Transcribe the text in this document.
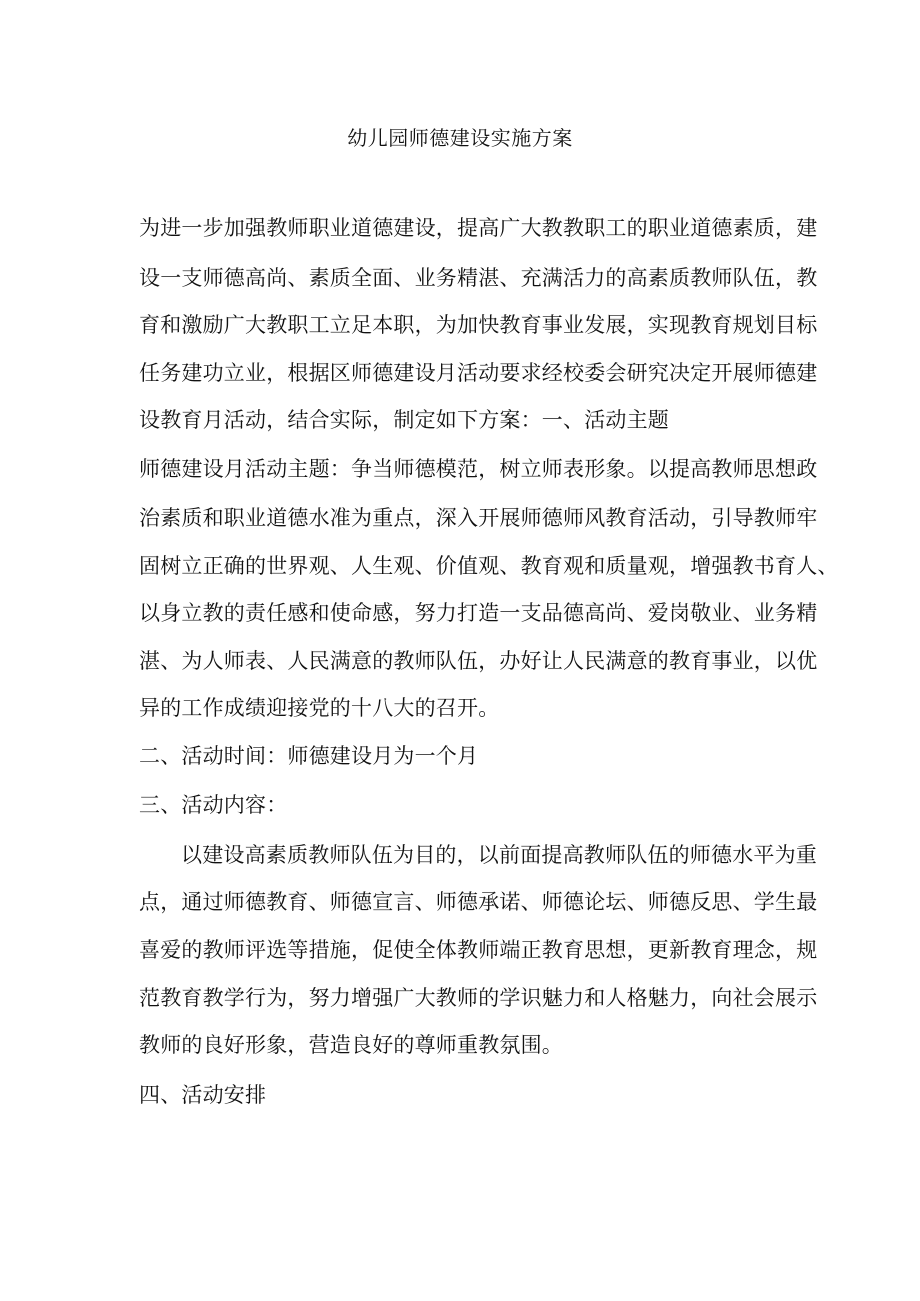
幼儿园师德建设实施方案
为进一步加强教师职业道德建设，提高广大教教职工的职业道德素质，建
设一支师德高尚、素质全面、业务精湛、充满活力的高素质教师队伍，教
育和激励广大教职工立足本职，为加快教育事业发展，实现教育规划目标
任务建功立业，根据区师德建设月活动要求经校委会研究决定开展师德建
设教育月活动，结合实际，制定如下方案：一、活动主题
师德建设月活动主题：争当师德模范，树立师表形象。以提高教师思想政
治素质和职业道德水准为重点，深入开展师德师风教育活动，引导教师牢
固树立正确的世界观、人生观、价值观、教育观和质量观，增强教书育人、
以身立教的责任感和使命感，努力打造一支品德高尚、爱岗敬业、业务精
湛、为人师表、人民满意的教师队伍，办好让人民满意的教育事业，以优
异的工作成绩迎接党的十八大的召开。
二、活动时间：师德建设月为一个月
三、活动内容：
以建设高素质教师队伍为目的，以前面提高教师队伍的师德水平为重
点，通过师德教育、师德宣言、师德承诺、师德论坛、师德反思、学生最
喜爱的教师评选等措施，促使全体教师端正教育思想，更新教育理念，规
范教育教学行为，努力增强广大教师的学识魅力和人格魅力，向社会展示
教师的良好形象，营造良好的尊师重教氛围。
四、活动安排
